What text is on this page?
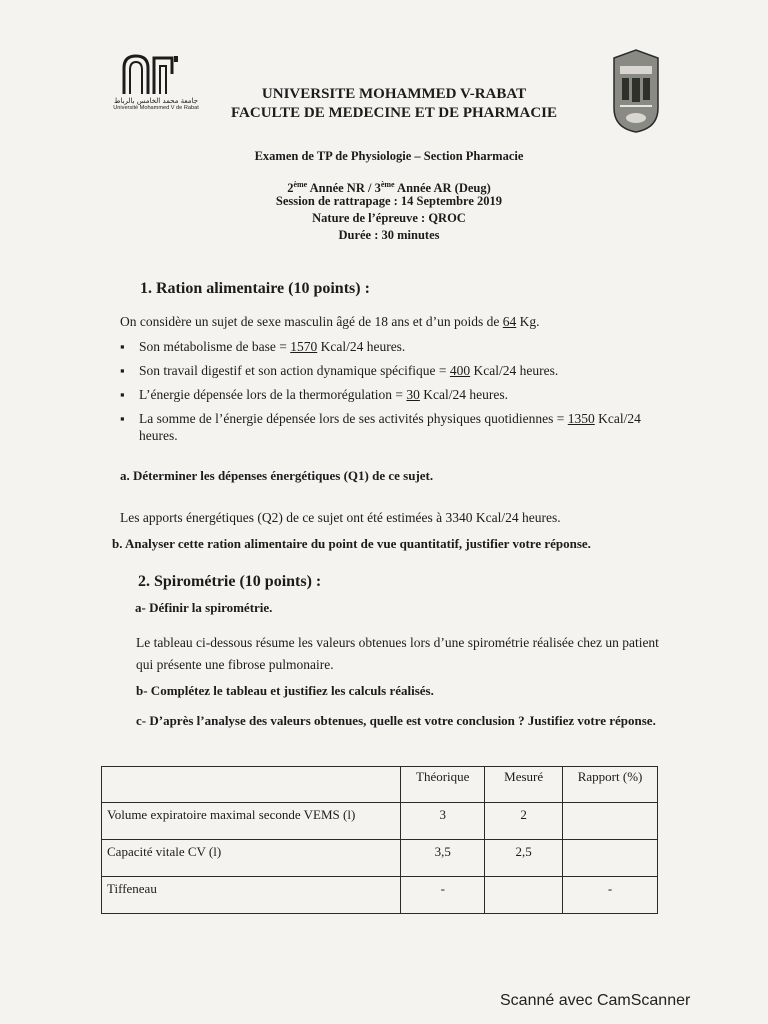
جامعة محمد الخامس بالرباط
Université Mohammed V de Rabat
UNIVERSITE MOHAMMED V-RABAT
FACULTE DE MEDECINE ET DE PHARMACIE
Examen de TP de Physiologie – Section Pharmacie
2ème Année NR / 3ème Année AR (Deug)
Session de rattrapage : 14 Septembre 2019
Nature de l’épreuve : QROC
Durée : 30 minutes
1. Ration alimentaire (10 points) :
On considère un sujet de sexe masculin âgé de 18 ans et d’un poids de 64 Kg.
▪ Son métabolisme de base = 1570 Kcal/24 heures.
▪ Son travail digestif et son action dynamique spécifique = 400 Kcal/24 heures.
▪ L’énergie dépensée lors de la thermorégulation = 30 Kcal/24 heures.
▪ La somme de l’énergie dépensée lors de ses activités physiques quotidiennes = 1350 Kcal/24 heures.
a. Déterminer les dépenses énergétiques (Q1) de ce sujet.
Les apports énergétiques (Q2) de ce sujet ont été estimées à 3340 Kcal/24 heures.
b. Analyser cette ration alimentaire du point de vue quantitatif, justifier votre réponse.
2. Spirométrie (10 points) :
a- Définir la spirométrie.
Le tableau ci-dessous résume les valeurs obtenues lors d’une spirométrie réalisée chez un patient qui présente une fibrose pulmonaire.
b- Complétez le tableau et justifiez les calculs réalisés.
c- D’après l’analyse des valeurs obtenues, quelle est votre conclusion ? Justifiez votre réponse.
	Théorique	Mesuré	Rapport (%)
Volume expiratoire maximal seconde VEMS (l)	3	2	
Capacité vitale CV (l)	3,5	2,5	
Tiffeneau	-		-
Scanné avec CamScanner
